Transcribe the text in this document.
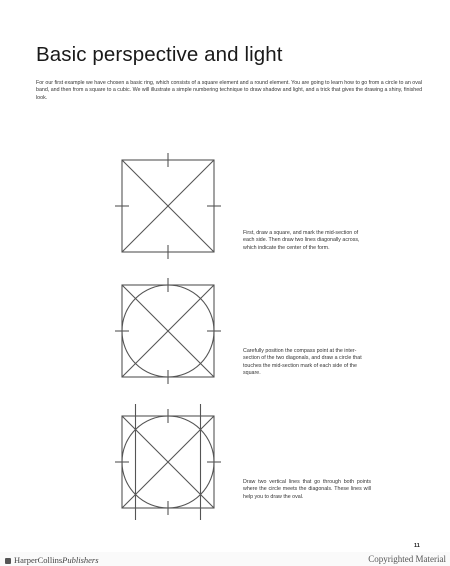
Basic perspective and light
For our first example we have chosen a basic ring, which consists of a square element and a round element. You are going to learn how to go from a circle to an oval band, and then from a square to a cubic. We will illustrate a simple numbering technique to draw shadow and light, and a trick that gives the drawing a shiny, finished look.
First, draw a square, and mark the mid-section of each side. Then draw two lines diagonally across, which indicate the center of the form.
Carefully position the compass point at the inter-section of the two diagonals, and draw a circle that touches the mid-section mark of each side of the square.
Draw two vertical lines that go through both points where the circle meets the diagonals. These lines will help you to draw the oval.
11
HarperCollinsPublishers	Copyrighted Material
